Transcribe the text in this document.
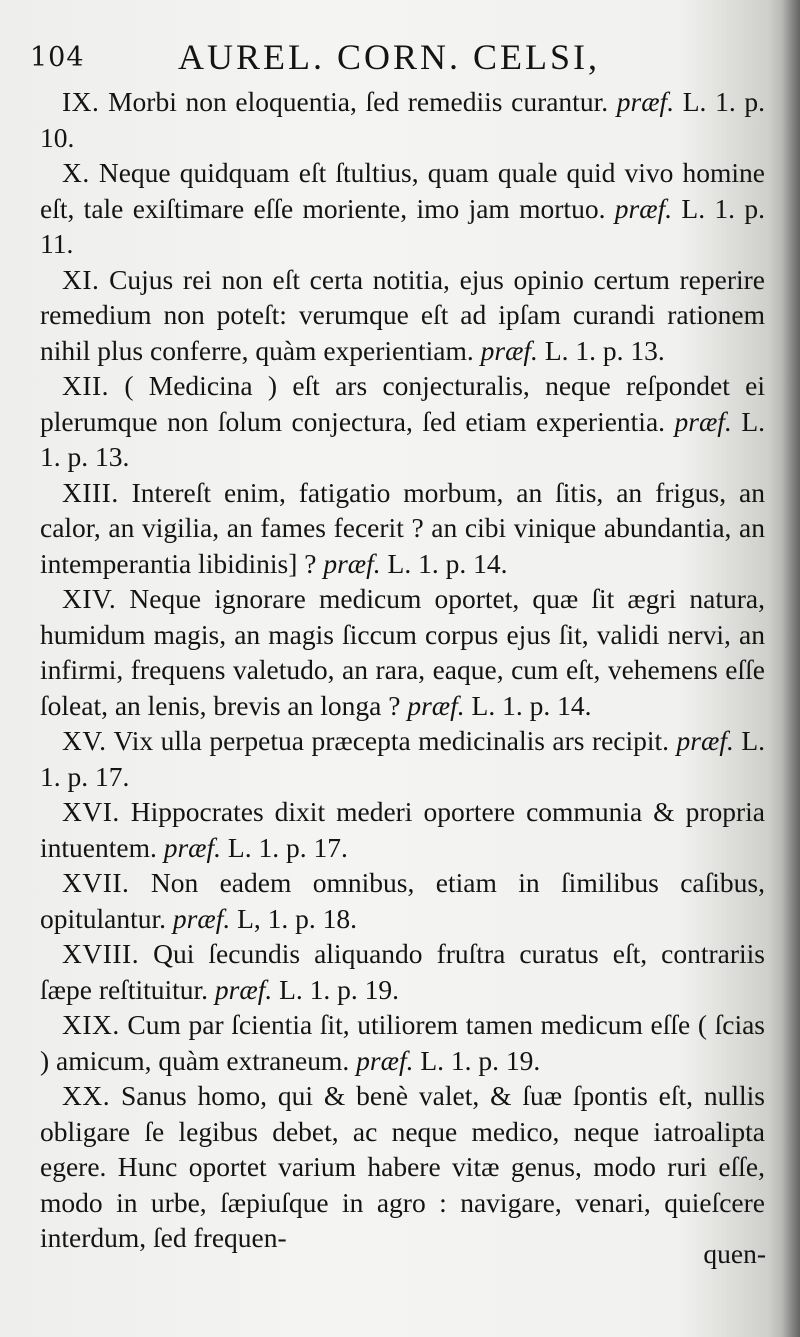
104	AUREL. CORN. CELSI,

IX. Morbi non eloquentia, ſed remediis curantur. præf. L. 1. p. 10.

X. Neque quidquam eſt ſtultius, quam quale quid vivo homine eſt, tale exiſtimare eſſe moriente, imo jam mortuo. præf. L. 1. p. 11.

XI. Cujus rei non eſt certa notitia, ejus opinio certum reperire remedium non poteſt: verumque eſt ad ipſam curandi rationem nihil plus conferre, quàm experientiam. præf. L. 1. p. 13.

XII. ( Medicina ) eſt ars conjecturalis, neque reſpondet ei plerumque non ſolum conjectura, ſed etiam experientia. præf. L. 1. p. 13.

XIII. Intereſt enim, fatigatio morbum, an ſitis, an frigus, an calor, an vigilia, an fames fecerit ? an cibi vinique abundantia, an intemperantia libidinis] ? præf. L. 1. p. 14.

XIV. Neque ignorare medicum oportet, quæ ſit ægri natura, humidum magis, an magis ſiccum corpus ejus ſit, validi nervi, an infirmi, frequens valetudo, an rara, eaque, cum eſt, vehemens eſſe ſoleat, an lenis, brevis an longa ? præf. L. 1. p. 14.

XV. Vix ulla perpetua præcepta medicinalis ars recipit. præf. L. 1. p. 17.

XVI. Hippocrates dixit mederi oportere communia & propria intuentem. præf. L. 1. p. 17.

XVII. Non eadem omnibus, etiam in ſimilibus caſibus, opitulantur. præf. L, 1. p. 18.

XVIII. Qui ſecundis aliquando fruſtra curatus eſt, contrariis ſæpe reſtituitur. præf. L. 1. p. 19.

XIX. Cum par ſcientia ſit, utiliorem tamen medicum eſſe ( ſcias ) amicum, quàm extraneum. præf. L. 1. p. 19.

XX. Sanus homo, qui & benè valet, & ſuæ ſpontis eſt, nullis obligare ſe legibus debet, ac neque medico, neque iatroalipta egere. Hunc oportet varium habere vitæ genus, modo ruri eſſe, modo in urbe, ſæpiuſque in agro : navigare, venari, quieſcere interdum, ſed frequen-

quen-
